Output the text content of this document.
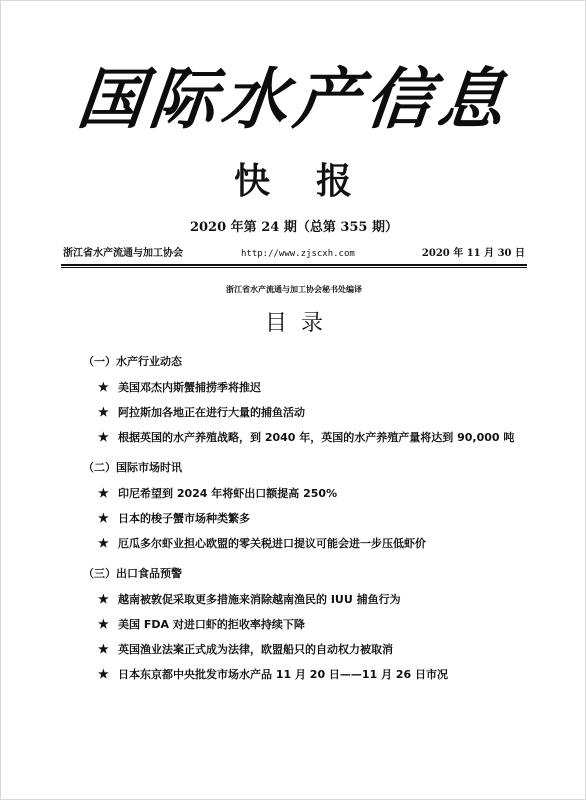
国际水产信息
快 报
2020 年第 24 期（总第 355 期）
浙江省水产流通与加工协会	http://www.zjscxh.com	2020 年 11 月 30 日
浙江省水产流通与加工协会秘书处编译
目录
（一）水产行业动态
★ 美国邓杰内斯蟹捕捞季将推迟
★ 阿拉斯加各地正在进行大量的捕鱼活动
★ 根据英国的水产养殖战略，到 2040 年，英国的水产养殖产量将达到 90,000 吨
（二）国际市场时讯
★ 印尼希望到 2024 年将虾出口额提高 250%
★ 日本的梭子蟹市场种类繁多
★ 厄瓜多尔虾业担心欧盟的零关税进口提议可能会进一步压低虾价
（三）出口食品预警
★ 越南被敦促采取更多措施来消除越南渔民的 IUU 捕鱼行为
★ 美国 FDA 对进口虾的拒收率持续下降
★ 英国渔业法案正式成为法律，欧盟船只的自动权力被取消
★ 日本东京都中央批发市场水产品 11 月 20 日——11 月 26 日市况
